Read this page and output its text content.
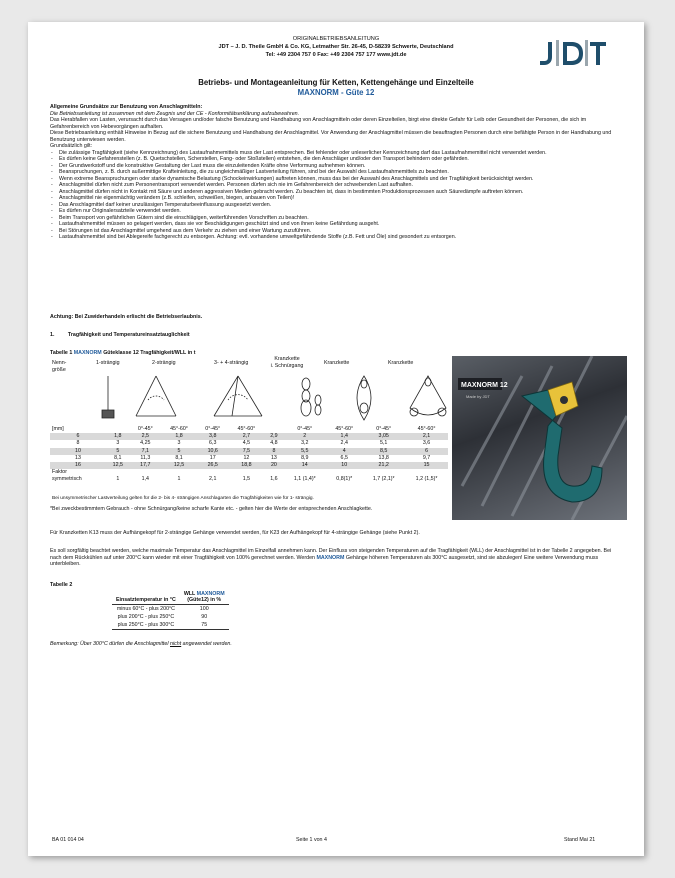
ORIGINALBETRIEBSANLEITUNG
JDT – J. D. Theile GmbH & Co. KG, Letmather Str. 26-45, D-58239 Schwerte, Deutschland
Tel: +49 2304 757 0 Fax: +49 2304 757 177 www.jdt.de
Betriebs- und Montageanleitung für Ketten, Kettengehänge und Einzelteile
MAXNORM - Güte 12

Allgemeine Grundsätze zur Benutzung von Anschlagmitteln:

Die Betriebsanleitung ist zusammen mit dem Zeugnis und der CE - Konformitätserklärung aufzubewahren.

Das Herabfallen von Lasten, verursacht durch das Versagen und/oder falsche Benutzung und Handhabung von Anschlagmitteln oder deren Einzelteilen, birgt eine direkte Gefahr für Leib oder Gesundheit der Personen, die sich im Gefahrenbereich von Hebevorgängen aufhalten.

Diese Betriebsanleitung enthält Hinweise in Bezug auf die sichere Benutzung und Handhabung der Anschlagmittel. Vor Anwendung der Anschlagmittel müssen die beauftragten Personen durch eine befähigte Person in der Handhabung und Benutzung unterwiesen werden.

Grundsätzlich gilt:

- Die zulässige Tragfähigkeit (siehe Kennzeichnung) des Lastaufnahmemittels muss der Last entsprechen. Bei fehlender oder unleserlicher Kennzeichnung darf das Lastaufnahmemittel nicht verwendet werden.
- Es dürfen keine Gefahrenstellen (z. B. Quetschstellen, Scherstellen, Fang- oder Stoßstellen) entstehen, die den Anschläger und/oder den Transport behindern oder gefährden.
- Der Grundwerkstoff und die konstruktive Gestaltung der Last muss die einzuleitenden Kräfte ohne Verformung aufnehmen können.
- Beanspruchungen, z. B. durch außermittige Krafteinleitung, die zu ungleichmäßiger Lastverteilung führen, sind bei der Auswahl des Lastaufnahmemittels zu beachten.
- Wenn extreme Beanspruchungen oder starke dynamische Belastung (Schockeinwirkungen) auftreten können, muss das bei der Auswahl des Anschlagmittels und der Tragfähigkeit berücksichtigt werden.
- Anschlagmittel dürfen nicht zum Personentransport verwendet werden. Personen dürfen sich nie im Gefahrenbereich der schwebenden Last aufhalten.
- Anschlagmittel dürfen nicht in Kontakt mit Säure und anderen aggressiven Medien gebracht werden. Zu beachten ist, dass in bestimmten Produktionsprozessen auch Säuredämpfe auftreten können.
- Anschlagmittel nie eigenmächtig verändern (z.B. schleifen, schweißen, biegen, anbauen von Teilen)!
- Das Anschlagmittel darf keiner unzulässigen Temperaturbeeinflussung ausgesetzt werden.
- Es dürfen nur Originalersatzteile verwendet werden.
- Beim Transport von gefährlichen Gütern sind die einschlägigen, weiterführenden Vorschriften zu beachten.
- Lastaufnahmemittel müssen so gelagert werden, dass sie vor Beschädigungen geschützt sind und von ihnen keine Gefährdung ausgeht.
- Bei Störungen ist das Anschlagmittel umgehend aus dem Verkehr zu ziehen und einer Wartung zuzuführen.
- Lastaufnahmemittel sind bei Ablegereife fachgerecht zu entsorgen. Achtung: evtl. vorhandene umweltgefährdende Stoffe (z.B. Fett und Öle) sind gesondert zu entsorgen.
Achtung: Bei Zuwiderhandeln erlischt die Betriebserlaubnis.
1.	Tragfähigkeit und Temperatureinsatztauglichkeit
Tabelle 1 MAXNORM Güteklasse 12 Tragfähigkeit/WLL in t
Nenn-
größe
1-strängig	2-strängig	3- + 4-strängig
Kranzkette
i. Schnürgang	Kranzkette	Kranzkette
[mm]		0°-45°	45°-60°	0°-45°	45°-60°		0°-45°	45°-60°	0°-45°	45°-60°
6	1,8	2,5	1,8	3,8	2,7	2,9	2	1,4	3,05	2,1
8	3	4,25	3	6,3	4,5	4,8	3,2	2,4	5,1	3,6
10	5	7,1	5	10,6	7,5	8	5,5	4	8,5	6
13	8,1	11,3	8,1	17	12	13	8,9	6,5	13,8	9,7
16	12,5	17,7	12,5	26,5	18,8	20	14	10	21,2	15
Faktor										
symmetrisch	1	1,4	1	2,1	1,5	1,6	1,1 (1,4)*	0,8(1)*	1,7 (2,1)*	1,2 (1,5)*
Bei unsymmetrischer Lastverteilung gelten für die 2- bis 4- strängigen Anschlagarten die Tragfähigkeiten wie für 1- strängig.
MAXNORM 12
Made by JDT
*Bei zweckbestimmtem Gebrauch - ohne Schnürgang/keine scharfe Kante etc. - gelten hier die Werte der entsprechenden Anschlagkette.
Für Kranzketten K13 muss der Aufhängekopf für 2-strängige Gehänge verwendet werden, für K23 der Aufhängekopf für 4-strängige Gehänge (siehe Punkt 2).
Es soll sorgfältig beachtet werden, welche maximale Temperatur das Anschlagmittel im Einzelfall annehmen kann. Der Einfluss von steigenden Temperaturen auf die Tragfähigkeit (WLL) der Anschlagmittel ist in der Tabelle 2 angegeben. Bei nach dem Rückkühlen auf unter 200°C kann wieder mit einer Tragfähigkeit von 100% gerechnet werden. Werden MAXNORM Gehänge höheren Temperaturen als 300°C ausgesetzt, sind sie abzulegen! Eine weitere Verwendung muss unterbleiben.
Tabelle 2
Einsatztemperatur in °C	WLL MAXNORM
(Güte12) in %
minus 60°C - plus 200°C	100
plus 200°C - plus 250°C	90
plus 250°C - plus 300°C	75
Bemerkung: Über 300°C dürfen die Anschlagmittel nicht angewendet werden.
BA 01 014 04	Seite 1 von 4	Stand Mai 21
